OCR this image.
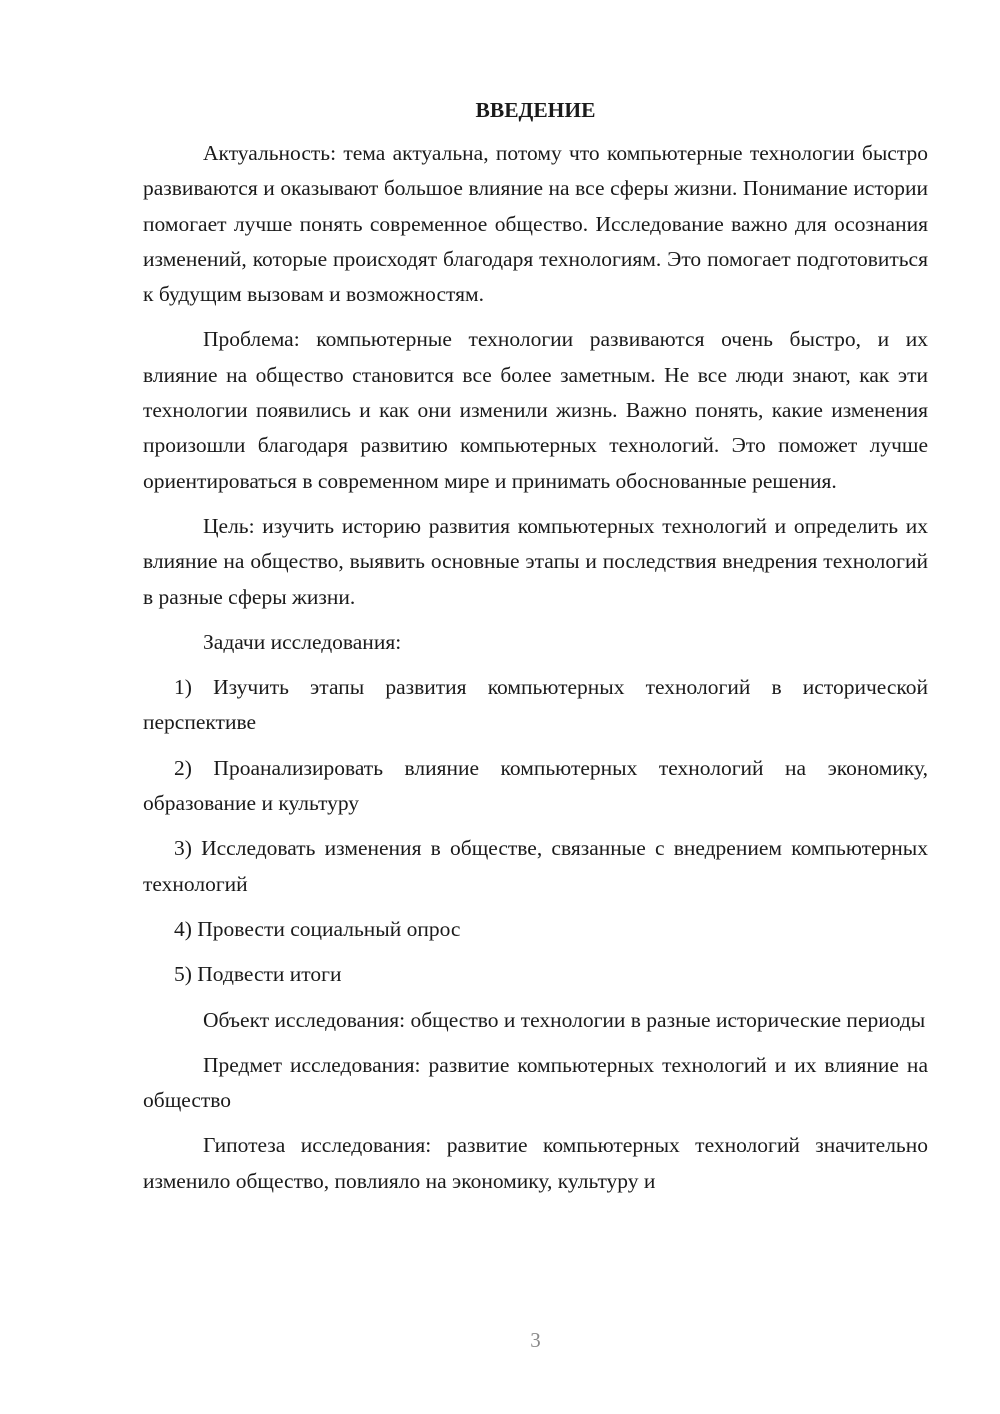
ВВЕДЕНИЕ

Актуальность: тема актуальна, потому что компьютерные технологии быстро развиваются и оказывают большое влияние на все сферы жизни. Понимание истории помогает лучше понять современное общество. Исследование важно для осознания изменений, которые происходят благодаря технологиям. Это помогает подготовиться к будущим вызовам и возможностям.

Проблема: компьютерные технологии развиваются очень быстро, и их влияние на общество становится все более заметным. Не все люди знают, как эти технологии появились и как они изменили жизнь. Важно понять, какие изменения произошли благодаря развитию компьютерных технологий. Это поможет лучше ориентироваться в современном мире и принимать обоснованные решения.

Цель: изучить историю развития компьютерных технологий и определить их влияние на общество, выявить основные этапы и последствия внедрения технологий в разные сферы жизни.

Задачи исследования:

1) Изучить этапы развития компьютерных технологий в исторической перспективе

2) Проанализировать влияние компьютерных технологий на экономику, образование и культуру

3) Исследовать изменения в обществе, связанные с внедрением компьютерных технологий

4) Провести социальный опрос

5) Подвести итоги

Объект исследования: общество и технологии в разные исторические периоды

Предмет исследования: развитие компьютерных технологий и их влияние на общество

Гипотеза исследования: развитие компьютерных технологий значительно изменило общество, повлияло на экономику, культуру и

3
